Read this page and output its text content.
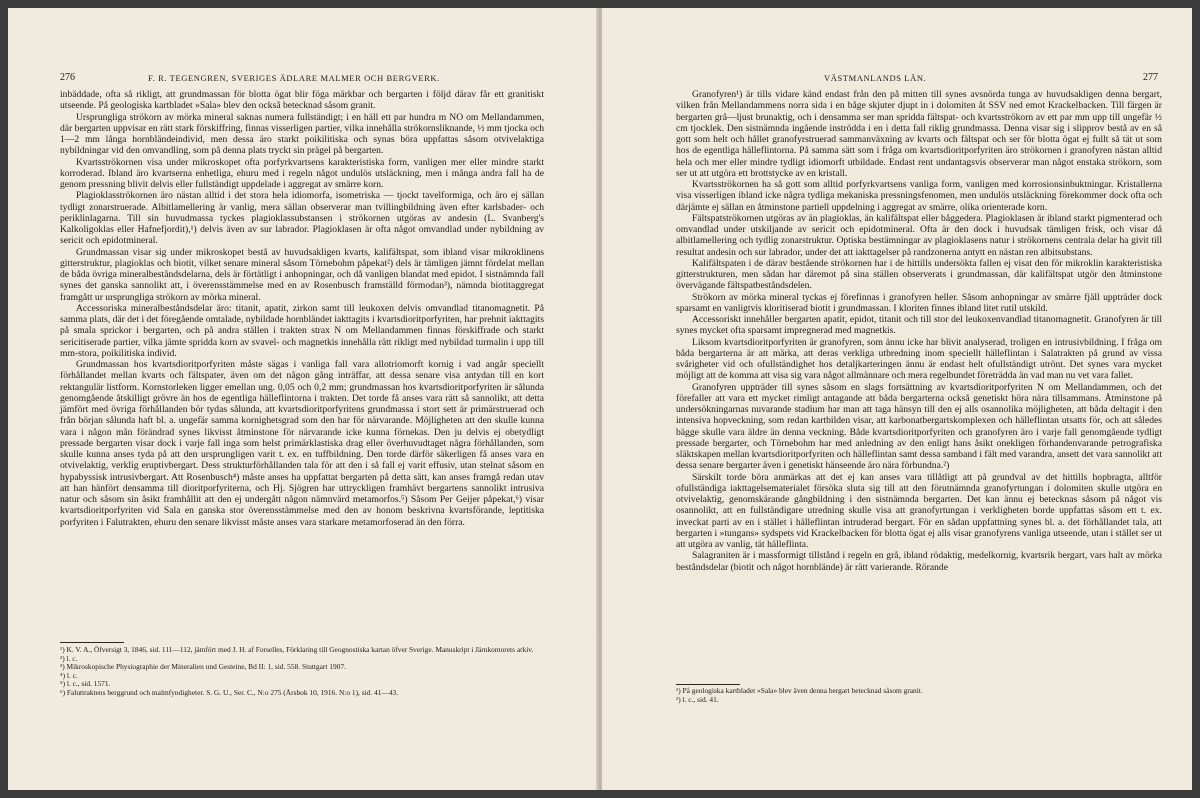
276	F. R. TEGENGREN, SVERIGES ÄDLARE MALMER OCH BERGVERK.

inbäddade, ofta så rikligt, att grundmassan för blotta ögat blir föga märkbar och bergarten i följd därav får ett granitiskt utseende. På geologiska kartbladet »Sala» blev den också betecknad såsom granit.

Ursprungliga strökorn av mörka mineral saknas numera fullständigt; i en häll ett par hundra m NO om Mellandammen, där bergarten uppvisar en rätt stark förskiffring, finnas visserligen partier, vilka innehålla strökornsliknande, ½ mm tjocka och 1—2 mm långa hornbländeindivid, men dessa äro starkt poikilitiska och synas böra uppfattas såsom otvivelaktiga nybildningar vid den omvandling, som på denna plats tryckt sin prägel på bergarten.

Kvartsströkornen visa under mikroskopet ofta porfyrkvartsens karakteristiska form, vanligen mer eller mindre starkt korroderad. Ibland äro kvartserna enhetliga, ehuru med i regeln något undulös utsläckning, men i många andra fall ha de genom pressning blivit delvis eller fullständigt uppdelade i aggregat av smärre korn.

Plagioklasströkornen äro nästan alltid i det stora hela idiomorfa, isometriska — tjockt tavelformiga, och äro ej sällan tydligt zonarstruerade. Albitlamellering är vanlig, mera sällan observerar man tvillingbildning även efter karlsbader- och periklinlagarna. Till sin huvudmassa tyckes plagioklassubstansen i strökornen utgöras av andesin (L. Svanberg's Kalkoligoklas eller Hafnefjordit),¹) delvis även av sur labrador. Plagioklasen är ofta något omvandlad under nybildning av sericit och epidotmineral.

Grundmassan visar sig under mikroskopet bestå av huvudsakligen kvarts, kalifältspat, som ibland visar mikroklinens gitterstruktur, plagioklas och biotit, vilket senare mineral såsom Törnebohm påpekat²) dels är tämligen jämnt fördelat mellan de båda övriga mineralbeståndsdelarna, dels är förtätligt i anhopningar, och då vanligen blandat med epidot. I sistnämnda fall synes det ganska sannolikt att, i överensstämmelse med en av Rosenbusch framställd förmodan³), nämnda biotitaggregat framgått ur ursprungliga strökorn av mörka mineral.

Accessoriska mineralbeståndsdelar äro: titanit, apatit, zirkon samt till leukoxen delvis omvandlad titanomagnetit. På samma plats, där det i det föregående omtalade, nybildade hornbländet iakttagits i kvartsdioritporfyriten, har prehnit iakttagits på smala sprickor i bergarten, och på andra ställen i trakten strax N om Mellandammen finnas förskiffrade och starkt sericitiserade partier, vilka jämte spridda korn av svavel- och magnetkis innehålla rätt rikligt med nybildad turmalin i upp till mm-stora, poikilitiska individ.

Grundmassan hos kvartsdioritporfyriten måste sägas i vanliga fall vara allotriomorft kornig i vad angår speciellt förhållandet mellan kvarts och fältspater, även om det någon gång inträffar, att dessa senare visa antydan till en kort rektangulär listform. Kornstorleken ligger emellan ung. 0,05 och 0,2 mm; grundmassan hos kvartsdioritporfyriten är sålunda genomgående åtskilligt grövre än hos de egentliga hälleflintorna i trakten. Det torde få anses vara rätt så sannolikt, att detta jämfört med övriga förhållanden bör tydas sålunda, att kvartsdioritporfyritens grundmassa i stort sett är primärstruerad och från början sålunda haft bl. a. ungefär samma kornighetsgrad som den har för närvarande. Möjligheten att den skulle kunna vara i någon mån förändrad synes likvisst åtminstone för närvarande icke kunna förnekas. Den ju delvis ej obetydligt pressade bergarten visar dock i varje fall inga som helst primärklastiska drag eller överhuvudtaget några förhållanden, som skulle kunna anses tyda på att den ursprungligen varit t. ex. en tuffbildning. Den torde därför säkerligen få anses vara en otvivelaktig, verklig eruptivbergart. Dess strukturförhållanden tala för att den i så fall ej varit effusiv, utan stelnat såsom en hypabyssisk intrusivbergart. Att Rosenbusch⁴) måste anses ha uppfattat bergarten på detta sätt, kan anses framgå redan utav att han hänfört densamma till dioritporfyriterna, och Hj. Sjögren har uttryckligen framhävt bergartens sannolikt intrusiva natur och såsom sin åsikt framhållit att den ej undergått någon nämnvärd metamorfos.⁵) Såsom Per Geijer påpekat,⁶) visar kvartsdioritporfyriten vid Sala en ganska stor överensstämmelse med den av honom beskrivna kvartsförande, leptitiska porfyriten i Falutrakten, ehuru den senare likvisst måste anses vara starkare metamorfoserad än den förra.

¹) K. V. A., Öfversigt 3, 1846, sid. 111—112, jämfört med J. H. af Forselles, Förklaring till Geognostiska kartan öfver Sverige. Manuskript i Järnkontorets arkiv.
²) l. c.
³) Mikroskopische Physiographie der Mineralien und Gesteine, Bd II: 1, sid. 558. Stuttgart 1907.
⁴) l. c.
⁵) l. c., sid. 1571.
⁶) Faluttraktens berggrund och malmfyndigheter. S. G. U., Ser. C., N:o 275 (Årsbok 10, 1916. N:o 1), sid. 41—43.
VÄSTMANLANDS LÄN.	277

Granofyren¹) är tills vidare känd endast från den på mitten till synes avsnörda tunga av huvudsakligen denna bergart, vilken från Mellandammens norra sida i en båge skjuter djupt in i dolomiten åt SSV ned emot Krackelbacken. Till färgen är bergarten grå—ljust brunaktig, och i densamma ser man spridda fältspat- och kvartsströkorn av ett par mm upp till ungefär ½ cm tjocklek. Den sistnämnda ingående inströdda i en i detta fall riklig grundmassa. Denna visar sig i slipprov bestå av en så gott som helt och hållet granofyrstruerad sammanväxning av kvarts och fältspat och ser för blotta ögat ej fullt så tät ut som hos de egentliga hälleflintorna. På samma sätt som i fråga om kvartsdioritporfyriten äro strökornen i granofyren nästan alltid hela och mer eller mindre tydligt idiomorft utbildade. Endast rent undantagsvis observerar man något enstaka strökorn, som ser ut att utgöra ett brottstycke av en kristall.

Kvartsströkornen ha så gott som alltid porfyrkvartsens vanliga form, vanligen med korrosionsinbuktningar. Kristallerna visa visserligen ibland icke några tydliga mekaniska pressningsfenomen, men undulös utsläckning förekommer dock ofta och därjämte ej sällan en åtminstone partiell uppdelning i aggregat av smärre, olika orienterade korn.

Fältspatströkornen utgöras av än plagioklas, än kalifältspat eller båggedera. Plagioklasen är ibland starkt pigmenterad och omvandlad under utskiljande av sericit och epidotmineral. Ofta är den dock i huvudsak tämligen frisk, och visar då albitlamellering och tydlig zonarstruktur. Optiska bestämningar av plagioklasens natur i strökornens centrala delar ha givit till resultat andesin och sur labrador, under det att iakttagelser på randzonerna antytt en nästan ren albitsubstans.

Kalifältspaten i de därav bestående strökornen har i de hittills undersökta fallen ej visat den för mikroklin karakteristiska gitterstrukturen, men sådan har däremot på sina ställen observerats i grundmassan, där kalifältspat utgör den åtminstone övervägande fältspatbeståndsdelen.

Strökorn av mörka mineral tyckas ej förefinnas i granofyren heller. Såsom anhopningar av smärre fjäll uppträder dock sparsamt en vanligtvis kloritiserad biotit i grundmassan. I kloriten finnes ibland litet rutil utskild.

Accessoriskt innehåller bergarten apatit, epidot, titanit och till stor del leukoxenvandlad titanomagnetit. Granofyren är till synes mycket ofta sparsamt impregnerad med magnetkis.

Liksom kvartsdioritporfyriten är granofyren, som ännu icke har blivit analyserad, troligen en intrusivbildning. I fråga om båda bergarterna är att märka, att deras verkliga utbredning inom speciellt hälleflintan i Salatrakten på grund av vissa svårigheter vid och ofullständighet hos detaljkarteringen ännu är endast helt ofullständigt utrönt. Det synes vara mycket möjligt att de komma att visa sig vara något allmännare och mera regelbundet företrädda än vad man nu vet vara fallet.

Granofyren uppträder till synes såsom en slags fortsättning av kvartsdioritporfyriten N om Mellandammen, och det förefaller att vara ett mycket rimligt antagande att båda bergarterna också genetiskt höra nära tillsammans. Åtminstone på undersökningarnas nuvarande stadium har man att taga hänsyn till den ej alls osannolika möjligheten, att båda deltagit i den intensiva hopveckning, som redan kartbilden visar, att karbonatbergartskomplexen och hälleflintan utsatts för, och att således bägge skulle vara äldre än denna veckning. Både kvartsdioritporfyriten och granofyren äro i varje fall genomgående tydligt pressade bergarter, och Törnebohm har med anledning av den enligt hans åsikt onekligen förhandenvarande petrografiska släktskapen mellan kvartsdioritporfyriten och hälleflintan samt dessa samband i fält med varandra, ansett det vara sannolikt att dessa senare bergarter även i genetiskt hänseende äro nära förbundna.²)

Särskilt torde böra anmärkas att det ej kan anses vara tillåtligt att på grundval av det hittills hopbragta, alltför ofullständiga iakttagelsematerialet försöka sluta sig till att den förutnämnda granofyrtungan i dolomiten skulle utgöra en otvivelaktig, genomskärande gångbildning i den sistnämnda bergarten. Det kan ännu ej betecknas såsom på något vis osannolikt, att en fullständigare utredning skulle visa att granofyrtungan i verkligheten borde uppfattas såsom ett t. ex. inveckat parti av en i stället i hälleflintan intruderad bergart. För en sådan uppfattning synes bl. a. det förhållandet tala, att bergarten i »tungans» sydspets vid Krackelbacken för blotta ögat ej alls visar granofyrens vanliga utseende, utan i stället ser ut att utgöra av vanlig, tät hälleflinta.

Salagraniten är i massformigt tillstånd i regeln en grå, ibland rödaktig, medelkornig, kvartsrik bergart, vars halt av mörka beståndsdelar (biotit och något hornblände) är rätt varierande. Rörande

¹) På geologiska kartbladet »Sala» blev även denna bergart betecknad såsom granit.
²) l. c., sid. 41.
